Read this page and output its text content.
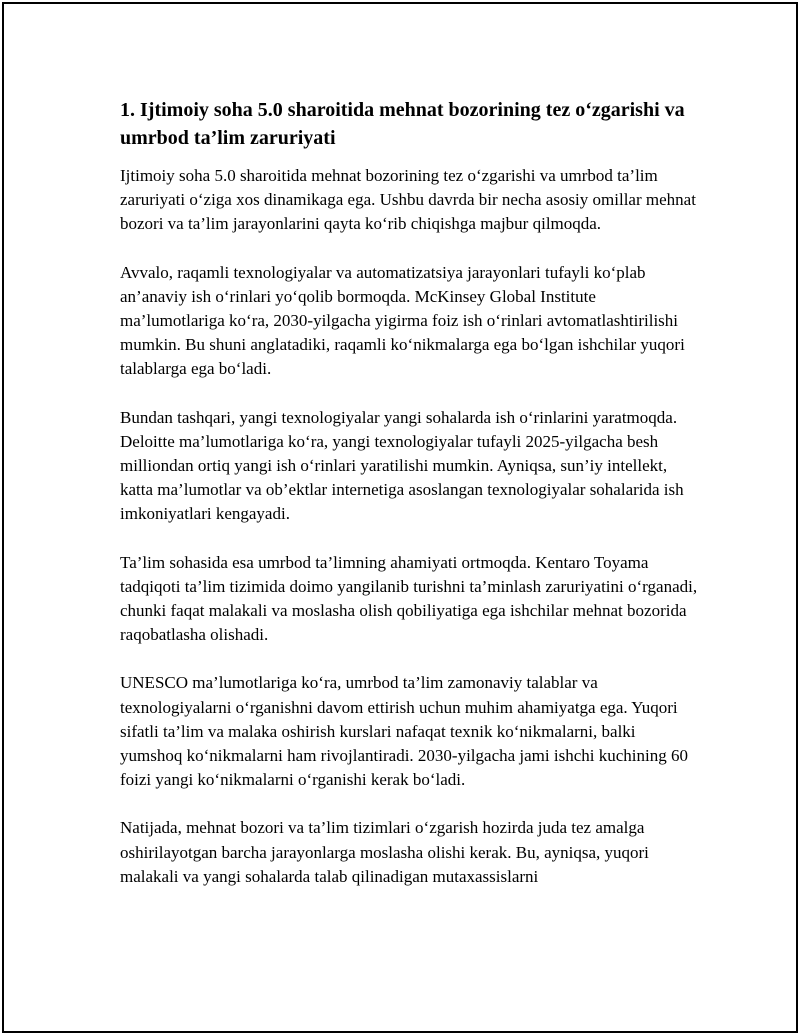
1. Ijtimoiy soha 5.0 sharoitida mehnat bozorining tez o‘zgarishi va umrbod ta’lim zaruriyati

Ijtimoiy soha 5.0 sharoitida mehnat bozorining tez o‘zgarishi va umrbod ta’lim zaruriyati o‘ziga xos dinamikaga ega. Ushbu davrda bir necha asosiy omillar mehnat bozori va ta’lim jarayonlarini qayta ko‘rib chiqishga majbur qilmoqda.

Avvalo, raqamli texnologiyalar va automatizatsiya jarayonlari tufayli ko‘plab an’anaviy ish o‘rinlari yo‘qolib bormoqda. McKinsey Global Institute ma’lumotlariga ko‘ra, 2030-yilgacha yigirma foiz ish o‘rinlari avtomatlashtirilishi mumkin. Bu shuni anglatadiki, raqamli ko‘nikmalarga ega bo‘lgan ishchilar yuqori talablarga ega bo‘ladi.

Bundan tashqari, yangi texnologiyalar yangi sohalarda ish o‘rinlarini yaratmoqda. Deloitte ma’lumotlariga ko‘ra, yangi texnologiyalar tufayli 2025-yilgacha besh milliondan ortiq yangi ish o‘rinlari yaratilishi mumkin. Ayniqsa, sun’iy intellekt, katta ma’lumotlar va ob’ektlar internetiga asoslangan texnologiyalar sohalarida ish imkoniyatlari kengayadi.

Ta’lim sohasida esa umrbod ta’limning ahamiyati ortmoqda. Kentaro Toyama tadqiqoti ta’lim tizimida doimo yangilanib turishni ta’minlash zaruriyatini o‘rganadi, chunki faqat malakali va moslasha olish qobiliyatiga ega ishchilar mehnat bozorida raqobatlasha olishadi.

UNESCO ma’lumotlariga ko‘ra, umrbod ta’lim zamonaviy talablar va texnologiyalarni o‘rganishni davom ettirish uchun muhim ahamiyatga ega. Yuqori sifatli ta’lim va malaka oshirish kurslari nafaqat texnik ko‘nikmalarni, balki yumshoq ko‘nikmalarni ham rivojlantiradi. 2030-yilgacha jami ishchi kuchining 60 foizi yangi ko‘nikmalarni o‘rganishi kerak bo‘ladi.

Natijada, mehnat bozori va ta’lim tizimlari o‘zgarish hozirda juda tez amalga oshirilayotgan barcha jarayonlarga moslasha olishi kerak. Bu, ayniqsa, yuqori malakali va yangi sohalarda talab qilinadigan mutaxassislarni
